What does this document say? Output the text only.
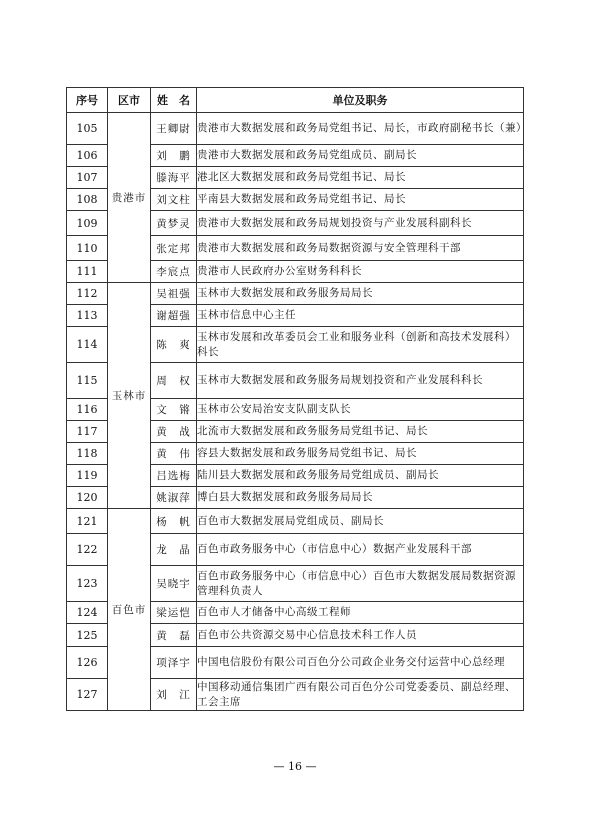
序号	区市	姓　名	单位及职务
105	贵港市	王卿尉	贵港市大数据发展和政务局党组书记、局长，市政府副秘书长（兼）
106		刘　鹏	贵港市大数据发展和政务局党组成员、副局长
107		滕海平	港北区大数据发展和政务局党组书记、局长
108		刘文柱	平南县大数据发展和政务局党组书记、局长
109		黄梦灵	贵港市大数据发展和政务局规划投资与产业发展科副科长
110		张定邦	贵港市大数据发展和政务局数据资源与安全管理科干部
111		李宸点	贵港市人民政府办公室财务科科长
112	玉林市	吴祖强	玉林市大数据发展和政务服务局局长
113		谢超强	玉林市信息中心主任
114		陈　爽	玉林市发展和改革委员会工业和服务业科（创新和高技术发展科）科长
115		周　权	玉林市大数据发展和政务服务局规划投资和产业发展科科长
116		文　锵	玉林市公安局治安支队副支队长
117		黄　战	北流市大数据发展和政务服务局党组书记、局长
118		黄　伟	容县大数据发展和政务服务局党组书记、局长
119		吕选梅	陆川县大数据发展和政务服务局党组成员、副局长
120		姚淑萍	博白县大数据发展和政务服务局局长
121	百色市	杨　帆	百色市大数据发展局党组成员、副局长
122		龙　晶	百色市政务服务中心（市信息中心）数据产业发展科干部
123		吴晓宇	百色市政务服务中心（市信息中心）百色市大数据发展局数据资源管理科负责人
124		梁运恺	百色市人才储备中心高级工程师
125		黄　磊	百色市公共资源交易中心信息技术科工作人员
126		项泽宇	中国电信股份有限公司百色分公司政企业务交付运营中心总经理
127		刘　江	中国移动通信集团广西有限公司百色分公司党委委员、副总经理、工会主席
— 16 —
